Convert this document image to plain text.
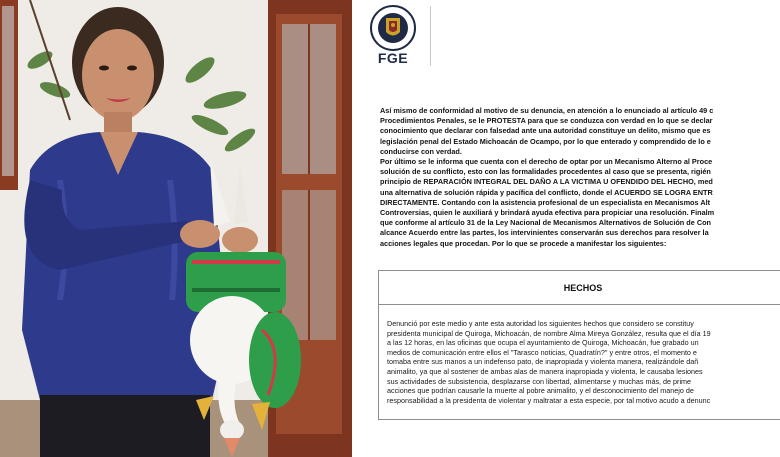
FGE
Así mismo de conformidad al motivo de su denuncia, en atención a lo enunciado al artículo 49 c
Procedimientos Penales, se le PROTESTA para que se conduzca con verdad en lo que se declar
conocimiento que declarar con falsedad ante una autoridad constituye un delito, mismo que es
legislación penal del Estado Michoacán de Ocampo, por lo que enterado y comprendido de lo e
conducirse con verdad.
Por último se le informa que cuenta con el derecho de optar por un Mecanismo Alterno al Proce
solución de su conflicto, esto con las formalidades procedentes al caso que se presenta, rigién
principio de REPARACIÓN INTEGRAL DEL DAÑO A LA VICTIMA U OFENDIDO DEL HECHO, med
una alternativa de solución rápida y pacífica del conflicto, donde el ACUERDO SE LOGRA ENTR
DIRECTAMENTE. Contando con la asistencia profesional de un especialista en Mecanismos Alt
Controversias, quien le auxiliará y brindará ayuda efectiva para propiciar una resolución. Finalm
que conforme al artículo 31 de la Ley Nacional de Mecanismos Alternativos de Solución de Con
alcance Acuerdo entre las partes, los intervinientes conservarán sus derechos para resolver la
acciones legales que procedan. Por lo que se procede a manifestar los siguientes:
HECHOS
Denunció por este medio y ante esta autoridad los siguientes hechos que considero se constituy
presidenta municipal de Quiroga, Michoacán, de nombre Alma Mireya González, resulta que el día 19
a las 12 horas, en las oficinas que ocupa el ayuntamiento de Quiroga, Michoacán, fue grabado un
medios de comunicación entre ellos el "Tarasco noticias, Quadratín?" y entre otros, el momento e
tomaba entre sus manos a un indefenso pato, de inapropiada y violenta manera, realizándole dañ
animalito, ya que al sostener de ambas alas de manera inapropiada y violenta, le causaba lesiones
sus actividades de subsistencia, desplazarse con libertad, alimentarse y muchas más, de prime
acciones que podrían causarle la muerte al pobre animalito, y el desconocimiento del manejo de
responsabilidad a la presidenta de violentar y maltratar a esta especie, por tal motivo acudo a denunc
